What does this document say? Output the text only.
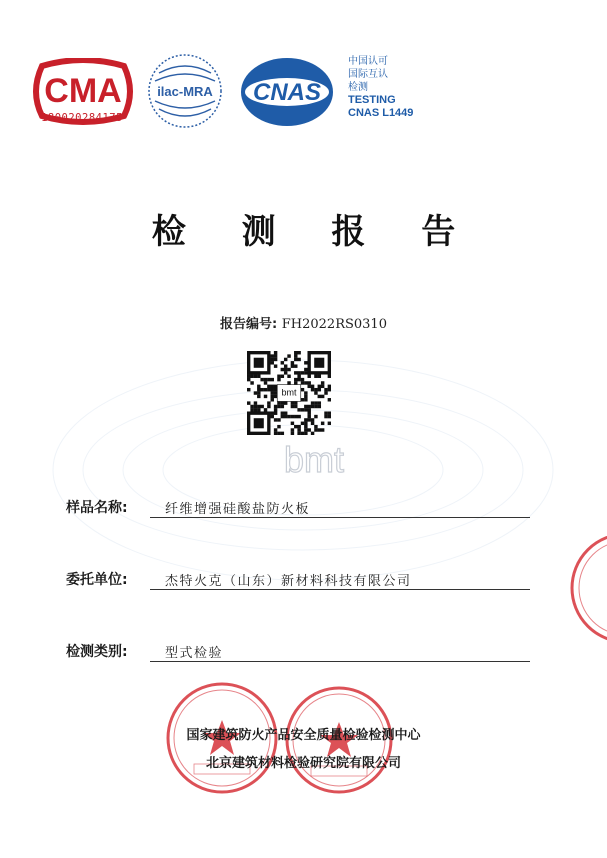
CMA
180020284175
ilac-MRA CNAS
中国认可
国际互认
检测
TESTING
CNAS L1449
检 测 报 告
报告编号: FH2022RS0310
bmt
bmt
样品名称:	纤维增强硅酸盐防火板
委托单位:	杰特火克（山东）新材料科技有限公司
检测类别:	型式检验
国家建筑防火产品安全质量检验检测中心
北京建筑材料检验研究院有限公司
